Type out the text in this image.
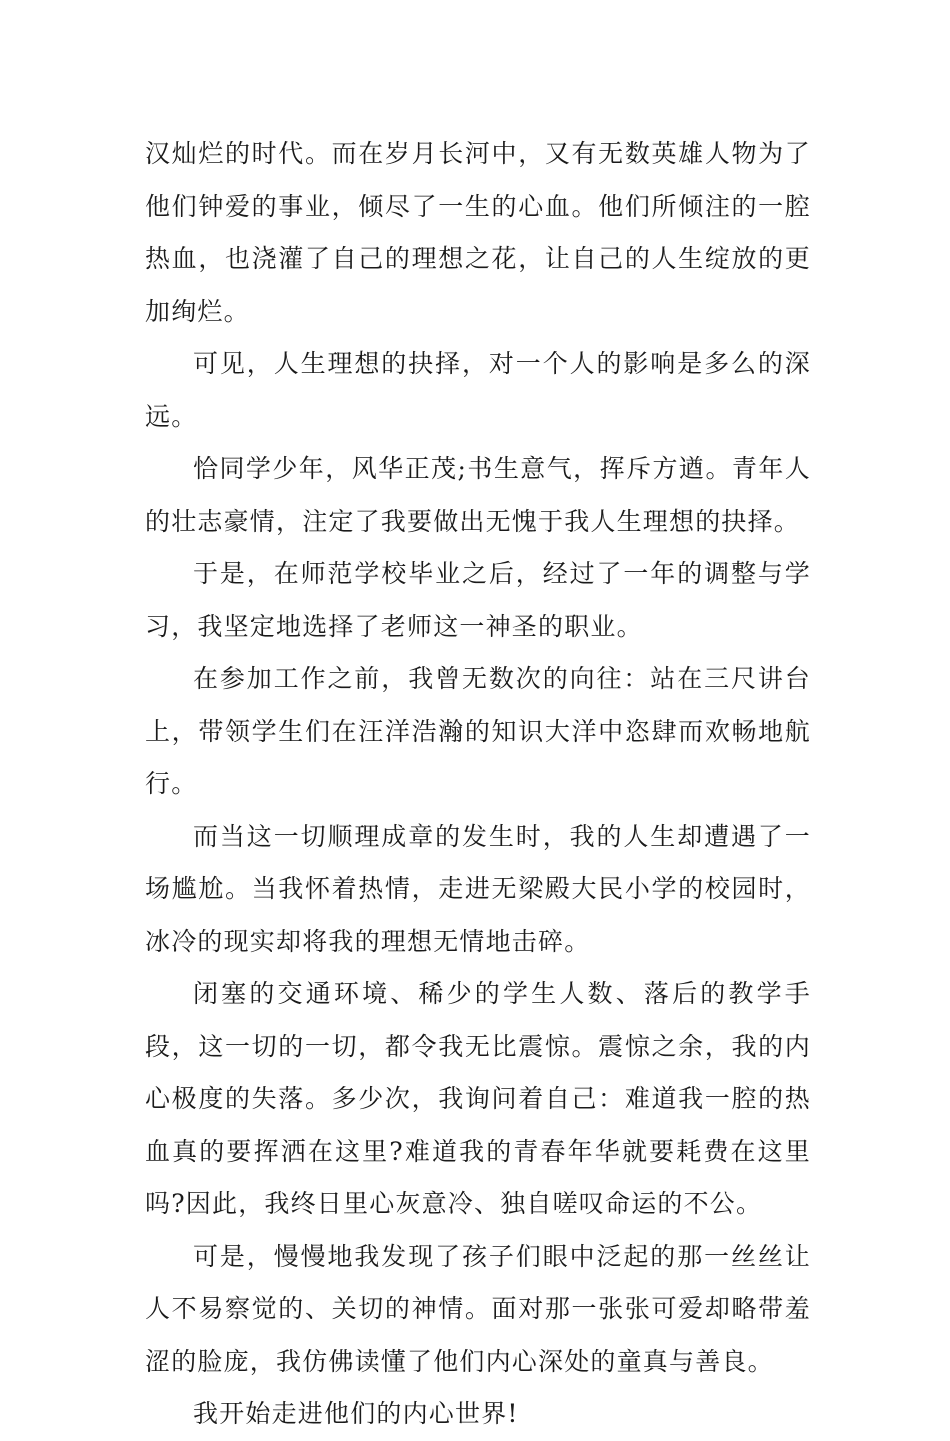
汉灿烂的时代。而在岁月长河中，又有无数英雄人物为了他们钟爱的事业，倾尽了一生的心血。他们所倾注的一腔热血，也浇灌了自己的理想之花，让自己的人生绽放的更加绚烂。

可见，人生理想的抉择，对一个人的影响是多么的深远。

恰同学少年，风华正茂;书生意气，挥斥方遒。青年人的壮志豪情，注定了我要做出无愧于我人生理想的抉择。

于是，在师范学校毕业之后，经过了一年的调整与学习，我坚定地选择了老师这一神圣的职业。

在参加工作之前，我曾无数次的向往：站在三尺讲台上，带领学生们在汪洋浩瀚的知识大洋中恣肆而欢畅地航行。

而当这一切顺理成章的发生时，我的人生却遭遇了一场尴尬。当我怀着热情，走进无梁殿大民小学的校园时，冰冷的现实却将我的理想无情地击碎。

闭塞的交通环境、稀少的学生人数、落后的教学手段，这一切的一切，都令我无比震惊。震惊之余，我的内心极度的失落。多少次，我询问着自己：难道我一腔的热血真的要挥洒在这里?难道我的青春年华就要耗费在这里吗?因此，我终日里心灰意冷、独自嗟叹命运的不公。

可是，慢慢地我发现了孩子们眼中泛起的那一丝丝让人不易察觉的、关切的神情。面对那一张张可爱却略带羞涩的脸庞，我仿佛读懂了他们内心深处的童真与善良。

我开始走进他们的内心世界!
